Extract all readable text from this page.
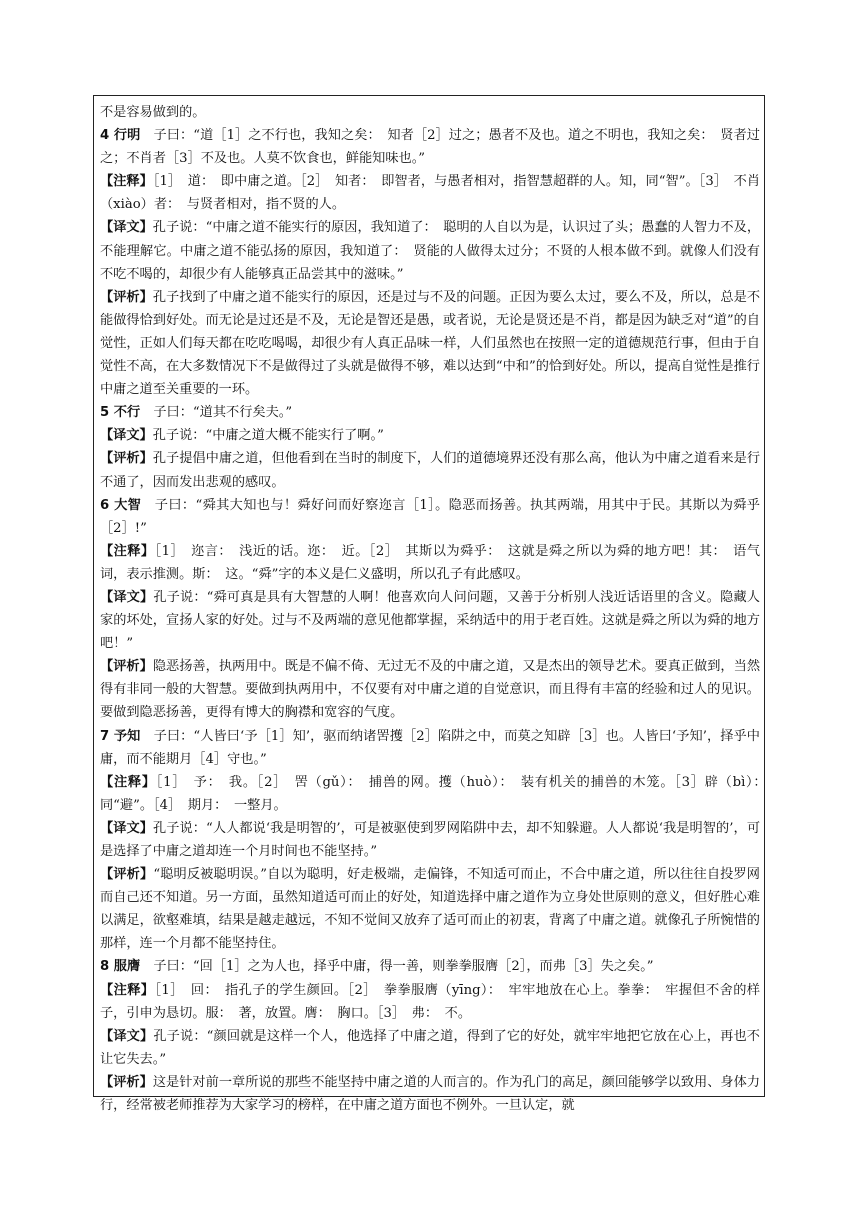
不是容易做到的。

4 行明　子曰：“道［1］之不行也，我知之矣：　知者［2］过之；愚者不及也。道之不明也，我知之矣：　贤者过之；不肖者［3］不及也。人莫不饮食也，鲜能知味也。”

【注释】［1］　道：　即中庸之道。［2］　知者：　即智者，与愚者相对，指智慧超群的人。知，同“智”。［3］　不肖（xiào）者：　与贤者相对，指不贤的人。

【译文】孔子说：“中庸之道不能实行的原因，我知道了：　聪明的人自以为是，认识过了头；愚蠢的人智力不及，不能理解它。中庸之道不能弘扬的原因，我知道了：　贤能的人做得太过分；不贤的人根本做不到。就像人们没有不吃不喝的，却很少有人能够真正品尝其中的滋味。”

【评析】孔子找到了中庸之道不能实行的原因，还是过与不及的问题。正因为要么太过，要么不及，所以，总是不能做得恰到好处。而无论是过还是不及，无论是智还是愚，或者说，无论是贤还是不肖，都是因为缺乏对“道”的自觉性，正如人们每天都在吃吃喝喝，却很少有人真正品味一样，人们虽然也在按照一定的道德规范行事，但由于自觉性不高，在大多数情况下不是做得过了头就是做得不够，难以达到“中和”的恰到好处。所以，提高自觉性是推行中庸之道至关重要的一环。

5 不行　子曰：“道其不行矣夫。”

【译文】孔子说：“中庸之道大概不能实行了啊。”

【评析】孔子提倡中庸之道，但他看到在当时的制度下，人们的道德境界还没有那么高，他认为中庸之道看来是行不通了，因而发出悲观的感叹。

6 大智　子曰：“舜其大知也与！舜好问而好察迩言［1］。隐恶而扬善。执其两端，用其中于民。其斯以为舜乎［2］!”

【注释】［1］　迩言：　浅近的话。迩：　近。［2］　其斯以为舜乎：　这就是舜之所以为舜的地方吧！其：　语气词，表示推测。斯：　这。“舜”字的本义是仁义盛明，所以孔子有此感叹。

【译文】孔子说：“舜可真是具有大智慧的人啊！他喜欢向人问问题，又善于分析别人浅近话语里的含义。隐藏人家的坏处，宣扬人家的好处。过与不及两端的意见他都掌握，采纳适中的用于老百姓。这就是舜之所以为舜的地方吧！”

【评析】隐恶扬善，执两用中。既是不偏不倚、无过无不及的中庸之道，又是杰出的领导艺术。要真正做到，当然得有非同一般的大智慧。要做到执两用中，不仅要有对中庸之道的自觉意识，而且得有丰富的经验和过人的见识。要做到隐恶扬善，更得有博大的胸襟和宽容的气度。

7 予知　子曰：“人皆曰‘予［1］知’，驱而纳诸罟擭［2］陷阱之中，而莫之知辟［3］也。人皆曰‘予知’，择乎中庸，而不能期月［4］守也。”

【注释】［1］　予：　我。［2］　罟（gǔ）：　捕兽的网。擭（huò）：　装有机关的捕兽的木笼。［3］辟（bì）：　同“避”。［4］　期月：　一整月。

【译文】孔子说：“人人都说‘我是明智的’，可是被驱使到罗网陷阱中去，却不知躲避。人人都说‘我是明智的’，可是选择了中庸之道却连一个月时间也不能坚持。”

【评析】“聪明反被聪明误。”自以为聪明，好走极端，走偏锋，不知适可而止，不合中庸之道，所以往往自投罗网而自己还不知道。另一方面，虽然知道适可而止的好处，知道选择中庸之道作为立身处世原则的意义，但好胜心难以满足，欲壑难填，结果是越走越远，不知不觉间又放弃了适可而止的初衷，背离了中庸之道。就像孔子所惋惜的那样，连一个月都不能坚持住。

8 服膺　子曰：“回［1］之为人也，择乎中庸，得一善，则拳拳服膺［2］，而弗［3］失之矣。”

【注释】［1］　回：　指孔子的学生颜回。［2］　拳拳服膺（yīng）：　牢牢地放在心上。拳拳：　牢握但不舍的样子，引申为恳切。服：　著，放置。膺：　胸口。［3］　弗：　不。

【译文】孔子说：“颜回就是这样一个人，他选择了中庸之道，得到了它的好处，就牢牢地把它放在心上，再也不让它失去。”

【评析】这是针对前一章所说的那些不能坚持中庸之道的人而言的。作为孔门的高足，颜回能够学以致用、身体力行，经常被老师推荐为大家学习的榜样，在中庸之道方面也不例外。一旦认定，就
